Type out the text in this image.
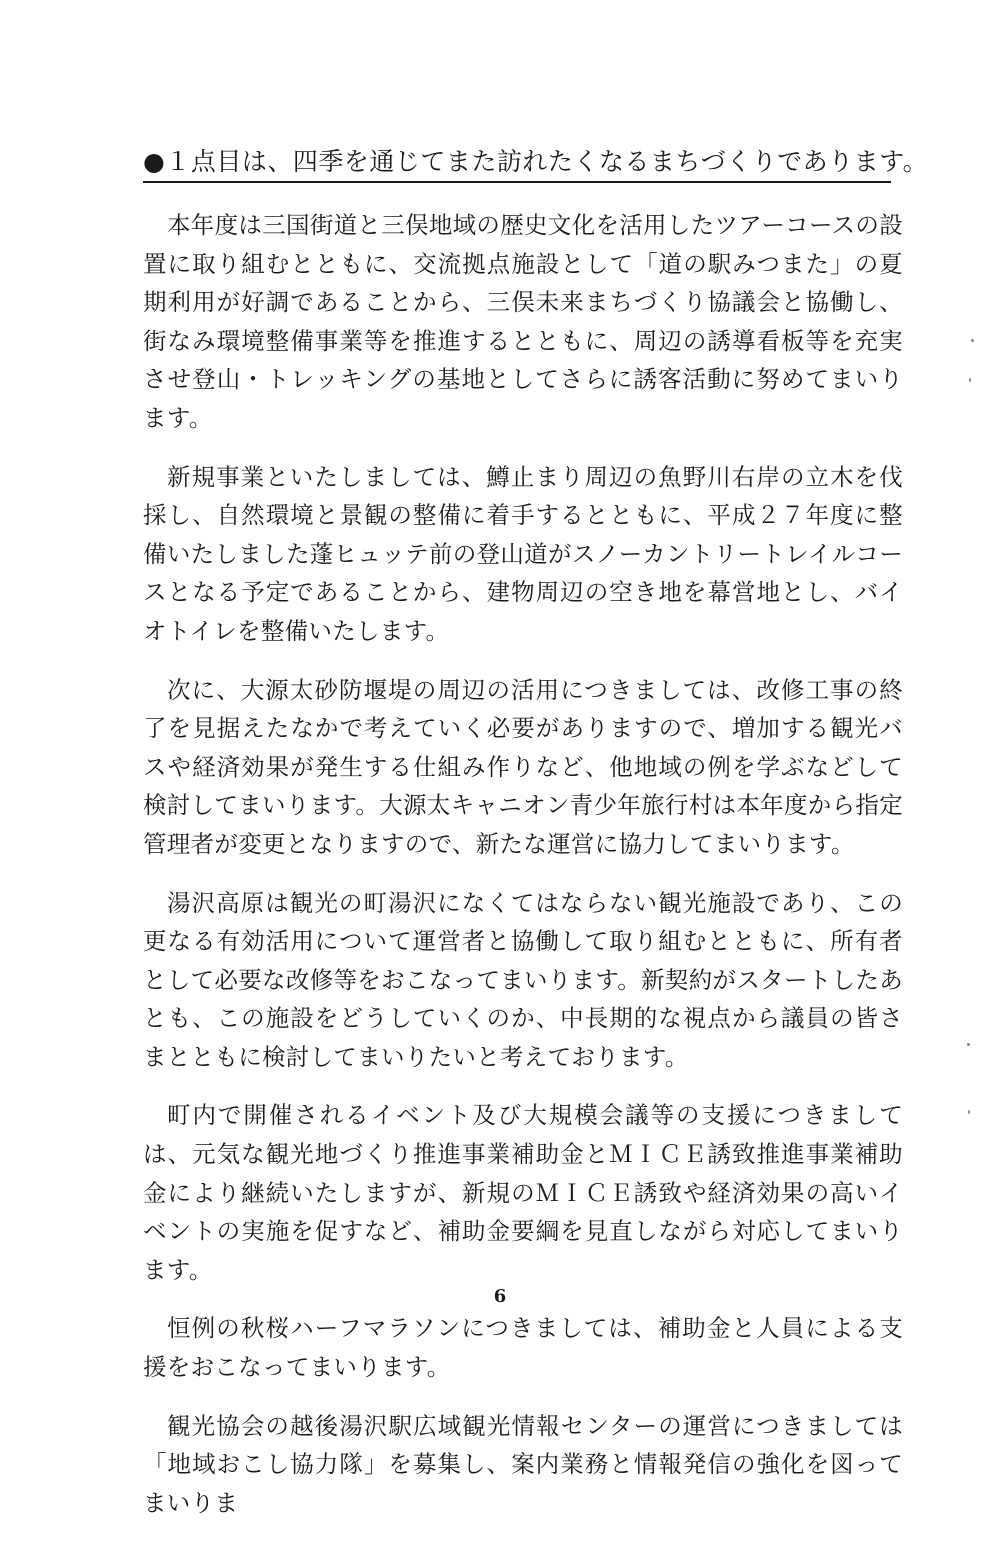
●１点目は、四季を通じてまた訪れたくなるまちづくりであります。

本年度は三国街道と三俣地域の歴史文化を活用したツアーコースの設置に取り組むとともに、交流拠点施設として「道の駅みつまた」の夏期利用が好調であることから、三俣未来まちづくり協議会と協働し、街なみ環境整備事業等を推進するとともに、周辺の誘導看板等を充実させ登山・トレッキングの基地としてさらに誘客活動に努めてまいります。

新規事業といたしましては、鱒止まり周辺の魚野川右岸の立木を伐採し、自然環境と景観の整備に着手するとともに、平成２７年度に整備いたしました蓬ヒュッテ前の登山道がスノーカントリートレイルコースとなる予定であることから、建物周辺の空き地を幕営地とし、バイオトイレを整備いたします。

次に、大源太砂防堰堤の周辺の活用につきましては、改修工事の終了を見据えたなかで考えていく必要がありますので、増加する観光バスや経済効果が発生する仕組み作りなど、他地域の例を学ぶなどして検討してまいります。大源太キャニオン青少年旅行村は本年度から指定管理者が変更となりますので、新たな運営に協力してまいります。

湯沢高原は観光の町湯沢になくてはならない観光施設であり、この更なる有効活用について運営者と協働して取り組むとともに、所有者として必要な改修等をおこなってまいります。新契約がスタートしたあとも、この施設をどうしていくのか、中長期的な視点から議員の皆さまとともに検討してまいりたいと考えております。

町内で開催されるイベント及び大規模会議等の支援につきましては、元気な観光地づくり推進事業補助金とＭＩＣＥ誘致推進事業補助金により継続いたしますが、新規のＭＩＣＥ誘致や経済効果の高いイベントの実施を促すなど、補助金要綱を見直しながら対応してまいります。

恒例の秋桜ハーフマラソンにつきましては、補助金と人員による支援をおこなってまいります。

観光協会の越後湯沢駅広域観光情報センターの運営につきましては「地域おこし協力隊」を募集し、案内業務と情報発信の強化を図ってまいりま

6
